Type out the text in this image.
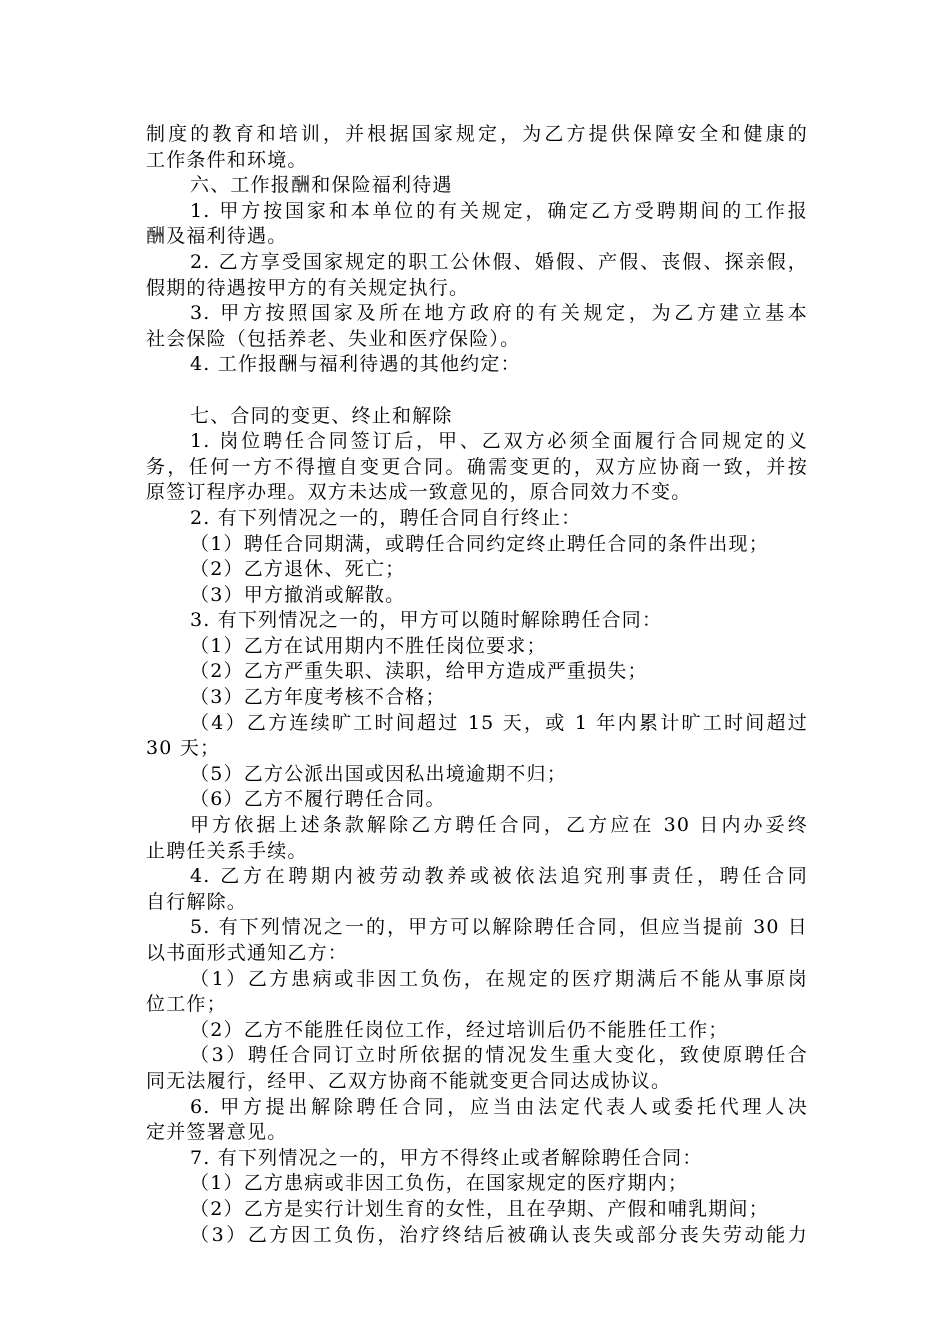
制度的教育和培训，并根据国家规定，为乙方提供保障安全和健康的
工作条件和环境。
六、工作报酬和保险福利待遇
1. 甲方按国家和本单位的有关规定，确定乙方受聘期间的工作报
酬及福利待遇。
2. 乙方享受国家规定的职工公休假、婚假、产假、丧假、探亲假，
假期的待遇按甲方的有关规定执行。
3. 甲方按照国家及所在地方政府的有关规定，为乙方建立基本
社会保险（包括养老、失业和医疗保险）。
4. 工作报酬与福利待遇的其他约定：
七、合同的变更、终止和解除
1. 岗位聘任合同签订后，甲、乙双方必须全面履行合同规定的义
务，任何一方不得擅自变更合同。确需变更的，双方应协商一致，并按
原签订程序办理。双方未达成一致意见的，原合同效力不变。
2. 有下列情况之一的，聘任合同自行终止：
（1）聘任合同期满，或聘任合同约定终止聘任合同的条件出现；
（2）乙方退休、死亡；
（3）甲方撤消或解散。
3. 有下列情况之一的，甲方可以随时解除聘任合同：
（1）乙方在试用期内不胜任岗位要求；
（2）乙方严重失职、渎职，给甲方造成严重损失；
（3）乙方年度考核不合格；
（4）乙方连续旷工时间超过 15 天，或 1 年内累计旷工时间超过
30 天；
（5）乙方公派出国或因私出境逾期不归；
（6）乙方不履行聘任合同。
甲方依据上述条款解除乙方聘任合同，乙方应在 30 日内办妥终
止聘任关系手续。
4. 乙方在聘期内被劳动教养或被依法追究刑事责任，聘任合同
自行解除。
5. 有下列情况之一的，甲方可以解除聘任合同，但应当提前 30 日
以书面形式通知乙方：
（1）乙方患病或非因工负伤，在规定的医疗期满后不能从事原岗
位工作；
（2）乙方不能胜任岗位工作，经过培训后仍不能胜任工作；
（3）聘任合同订立时所依据的情况发生重大变化，致使原聘任合
同无法履行，经甲、乙双方协商不能就变更合同达成协议。
6. 甲方提出解除聘任合同，应当由法定代表人或委托代理人决
定并签署意见。
7. 有下列情况之一的，甲方不得终止或者解除聘任合同：
（1）乙方患病或非因工负伤，在国家规定的医疗期内；
（2）乙方是实行计划生育的女性，且在孕期、产假和哺乳期间；
（3）乙方因工负伤，治疗终结后被确认丧失或部分丧失劳动能力
